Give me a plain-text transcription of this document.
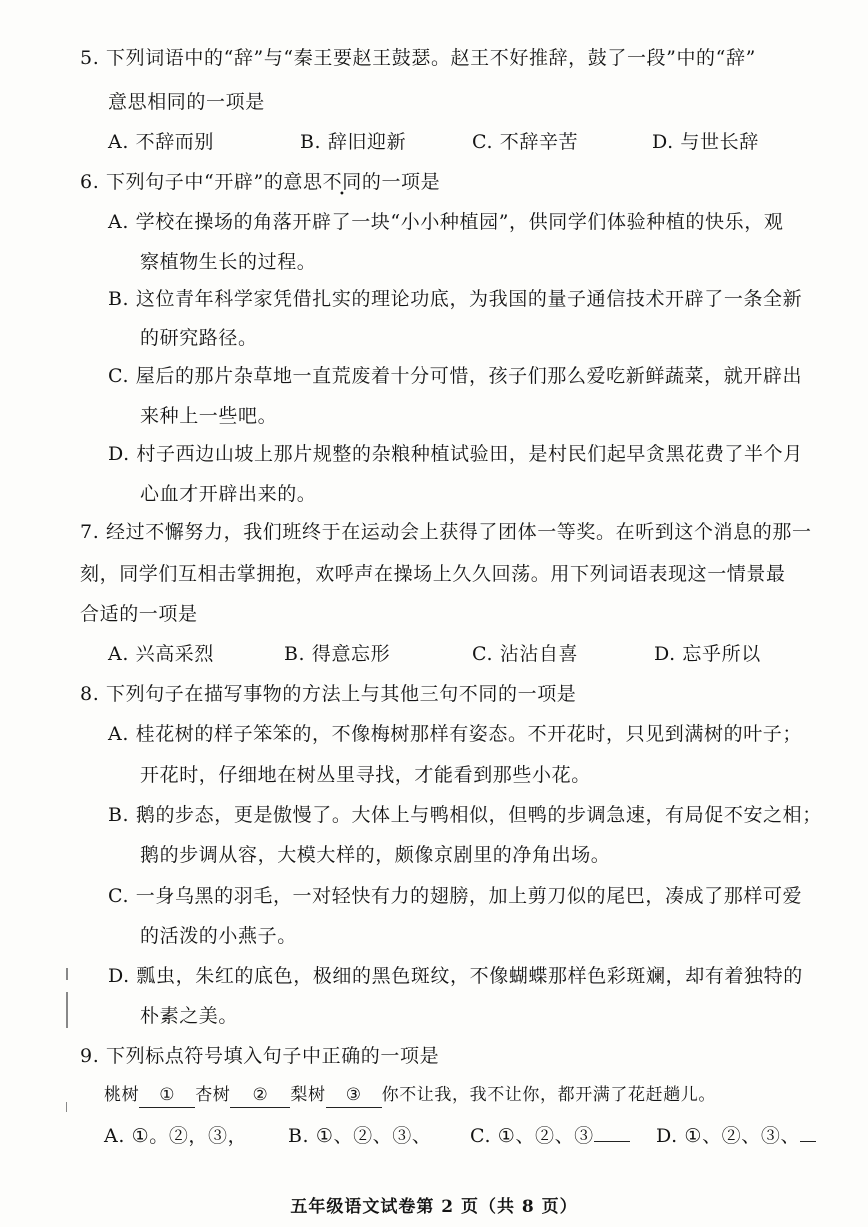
5. 下列词语中的“辞”与“秦王要赵王鼓瑟。赵王不好推辞，鼓了一段”中的“辞”
意思相同的一项是
A. 不辞而别	B. 辞旧迎新	C. 不辞辛苦	D. 与世长辞
6. 下列句子中“开辟”的意思不同的一项是
A. 学校在操场的角落开辟了一块“小小种植园”，供同学们体验种植的快乐，观
察植物生长的过程。
B. 这位青年科学家凭借扎实的理论功底，为我国的量子通信技术开辟了一条全新
的研究路径。
C. 屋后的那片杂草地一直荒废着十分可惜，孩子们那么爱吃新鲜蔬菜，就开辟出
来种上一些吧。
D. 村子西边山坡上那片规整的杂粮种植试验田，是村民们起早贪黑花费了半个月
心血才开辟出来的。
7. 经过不懈努力，我们班终于在运动会上获得了团体一等奖。在听到这个消息的那一
刻，同学们互相击掌拥抱，欢呼声在操场上久久回荡。用下列词语表现这一情景最
合适的一项是
A. 兴高采烈	B. 得意忘形	C. 沾沾自喜	D. 忘乎所以
8. 下列句子在描写事物的方法上与其他三句不同的一项是
A. 桂花树的样子笨笨的，不像梅树那样有姿态。不开花时，只见到满树的叶子；
开花时，仔细地在树丛里寻找，才能看到那些小花。
B. 鹅的步态，更是傲慢了。大体上与鸭相似，但鸭的步调急速，有局促不安之相；
鹅的步调从容，大模大样的，颇像京剧里的净角出场。
C. 一身乌黑的羽毛，一对轻快有力的翅膀，加上剪刀似的尾巴，凑成了那样可爱
的活泼的小燕子。
D. 瓢虫，朱红的底色，极细的黑色斑纹，不像蝴蝶那样色彩斑斓，却有着独特的
朴素之美。
9. 下列标点符号填入句子中正确的一项是
桃树 ① 杏树 ② 梨树 ③ 你不让我，我不让你，都开满了花赶趟儿。
A. ①。②，③， B. ①、②、③、 C. ①、②、③	D. ①、②、③、
五年级语文试卷第 2 页（共 8 页）
